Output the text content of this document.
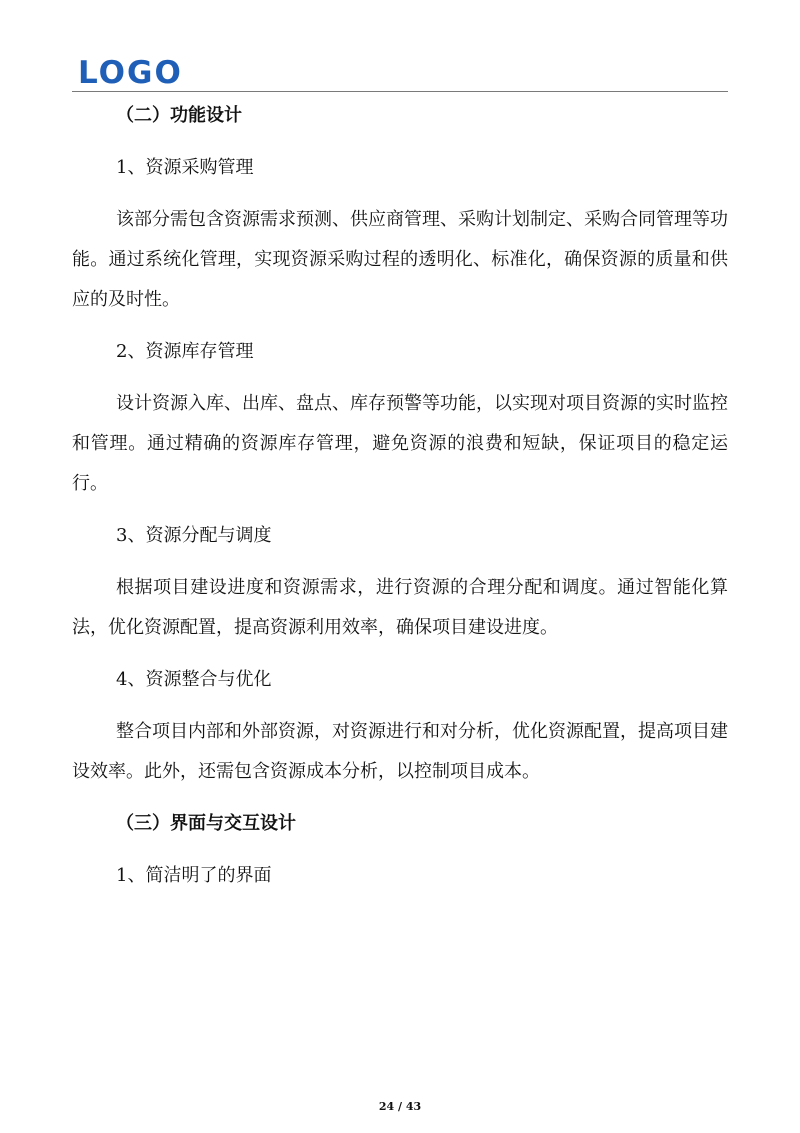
LOGO

（二）功能设计

1、资源采购管理

该部分需包含资源需求预测、供应商管理、采购计划制定、采购合同管理等功能。通过系统化管理，实现资源采购过程的透明化、标准化，确保资源的质量和供应的及时性。

2、资源库存管理

设计资源入库、出库、盘点、库存预警等功能，以实现对项目资源的实时监控和管理。通过精确的资源库存管理，避免资源的浪费和短缺，保证项目的稳定运行。

3、资源分配与调度

根据项目建设进度和资源需求，进行资源的合理分配和调度。通过智能化算法，优化资源配置，提高资源利用效率，确保项目建设进度。

4、资源整合与优化

整合项目内部和外部资源，对资源进行和对分析，优化资源配置，提高项目建设效率。此外，还需包含资源成本分析，以控制项目成本。

（三）界面与交互设计

1、简洁明了的界面

24 / 43
